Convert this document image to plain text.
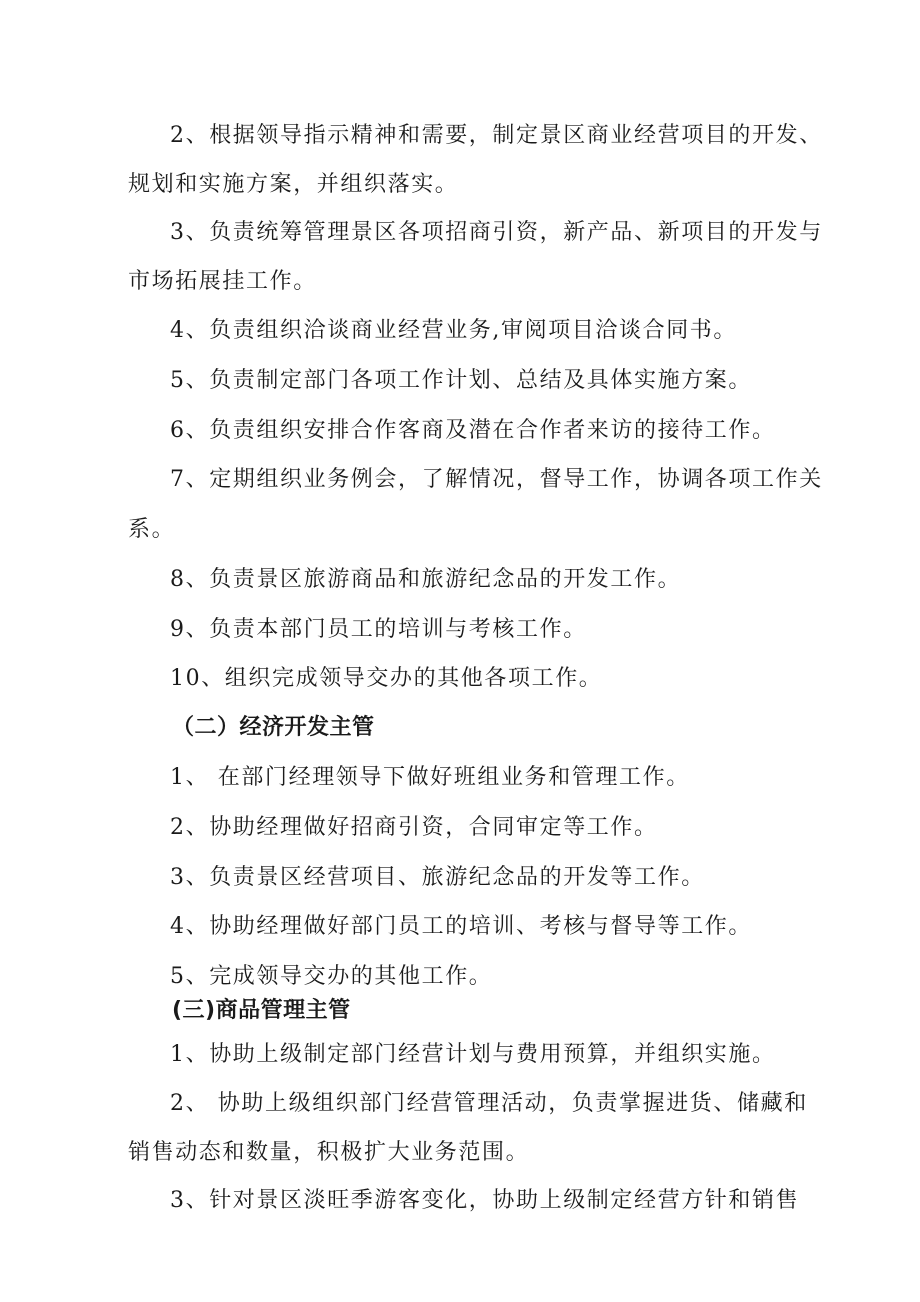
2、根据领导指示精神和需要，制定景区商业经营项目的开发、
规划和实施方案，并组织落实。
3、负责统筹管理景区各项招商引资，新产品、新项目的开发与
市场拓展挂工作。
4、负责组织洽谈商业经营业务,审阅项目洽谈合同书。
5、负责制定部门各项工作计划、总结及具体实施方案。
6、负责组织安排合作客商及潜在合作者来访的接待工作。
7、定期组织业务例会，了解情况，督导工作，协调各项工作关
系。
8、负责景区旅游商品和旅游纪念品的开发工作。
9、负责本部门员工的培训与考核工作。
10、组织完成领导交办的其他各项工作。
（二）经济开发主管
1、 在部门经理领导下做好班组业务和管理工作。
2、协助经理做好招商引资，合同审定等工作。
3、负责景区经营项目、旅游纪念品的开发等工作。
4、协助经理做好部门员工的培训、考核与督导等工作。
5、完成领导交办的其他工作。
(三)商品管理主管
1、协助上级制定部门经营计划与费用预算，并组织实施。
2、 协助上级组织部门经营管理活动，负责掌握进货、储藏和
销售动态和数量，积极扩大业务范围。
3、针对景区淡旺季游客变化，协助上级制定经营方针和销售
